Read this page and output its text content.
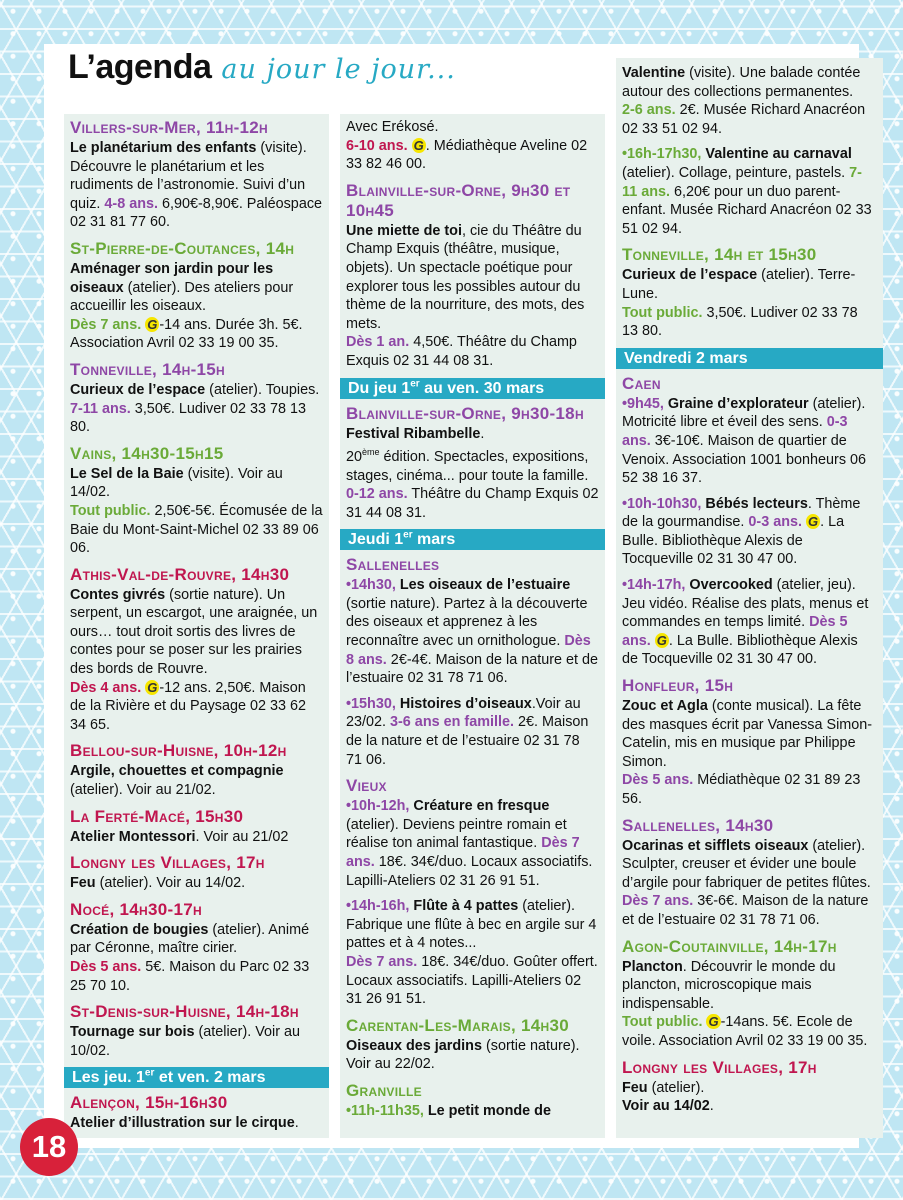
L’agenda au jour le jour...
Villers-sur-Mer, 11h-12h
Le planétarium des enfants (visite). Découvre le planétarium et les rudiments de l’astronomie. Suivi d’un quiz. 4-8 ans. 6,90€-8,90€. Paléospace 02 31 81 77 60.
St-Pierre-de-Coutances, 14h
Aménager son jardin pour les oiseaux (atelier). Des ateliers pour accueillir les oiseaux.
Dès 7 ans. G -14 ans. Durée 3h. 5€. Association Avril 02 33 19 00 35.
Tonneville, 14h-15h
Curieux de l’espace (atelier). Toupies.
7-11 ans. 3,50€. Ludiver 02 33 78 13 80.
Vains, 14h30-15h15
Le Sel de la Baie (visite). Voir au 14/02.
Tout public. 2,50€-5€. Écomusée de la Baie du Mont-Saint-Michel 02 33 89 06 06.
Athis-Val-de-Rouvre, 14h30
Contes givrés (sortie nature). Un serpent, un escargot, une araignée, un ours… tout droit sortis des livres de contes pour se poser sur les prairies des bords de Rouvre.
Dès 4 ans. G -12 ans. 2,50€. Maison de la Rivière et du Paysage 02 33 62 34 65.
Bellou-sur-Huisne, 10h-12h
Argile, chouettes et compagnie (atelier). Voir au 21/02.
La Ferté-Macé, 15h30
Atelier Montessori. Voir au 21/02
Longny les Villages, 17h
Feu (atelier). Voir au 14/02.
Nocé, 14h30-17h
Création de bougies (atelier). Animé par Céronne, maître cirier.
Dès 5 ans. 5€. Maison du Parc 02 33 25 70 10.
St-Denis-sur-Huisne, 14h-18h
Tournage sur bois (atelier). Voir au 10/02.
Les jeu. 1er et ven. 2 mars
Alençon, 15h-16h30
Atelier d’illustration sur le cirque.
Avec Erékosé.
6-10 ans. G . Médiathèque Aveline 02 33 82 46 00.
Blainville-sur-Orne, 9h30 et 10h45
Une miette de toi, cie du Théâtre du Champ Exquis (théâtre, musique, objets). Un spectacle poétique pour explorer tous les possibles autour du thème de la nourriture, des mots, des mets.
Dès 1 an. 4,50€. Théâtre du Champ Exquis 02 31 44 08 31.
Du jeu 1er au ven. 30 mars
Blainville-sur-Orne, 9h30-18h
Festival Ribambelle.
20ème édition. Spectacles, expositions, stages, cinéma... pour toute la famille.
0-12 ans. Théâtre du Champ Exquis 02 31 44 08 31.
Jeudi 1er mars
Sallenelles
•14h30, Les oiseaux de l’estuaire (sortie nature). Partez à la découverte des oiseaux et apprenez à les reconnaître avec un ornithologue. Dès 8 ans. 2€-4€. Maison de la nature et de l’estuaire 02 31 78 71 06.
•15h30, Histoires d’oiseaux.Voir au 23/02. 3-6 ans en famille. 2€. Maison de la nature et de l’estuaire 02 31 78 71 06.
Vieux
•10h-12h, Créature en fresque (atelier). Deviens peintre romain et réalise ton animal fantastique. Dès 7 ans. 18€. 34€/duo. Locaux associatifs. Lapilli-Ateliers 02 31 26 91 51.
•14h-16h, Flûte à 4 pattes (atelier). Fabrique une flûte à bec en argile sur 4 pattes et à 4 notes...
Dès 7 ans. 18€. 34€/duo. Goûter offert. Locaux associatifs. Lapilli-Ateliers 02 31 26 91 51.
Carentan-Les-Marais, 14h30
Oiseaux des jardins (sortie nature). Voir au 22/02.
Granville
•11h-11h35, Le petit monde de
Valentine (visite). Une balade contée autour des collections permanentes.
2-6 ans. 2€. Musée Richard Anacréon 02 33 51 02 94.
•16h-17h30, Valentine au carnaval (atelier). Collage, peinture, pastels. 7-11 ans. 6,20€ pour un duo parent-enfant. Musée Richard Anacréon 02 33 51 02 94.
Tonneville, 14h et 15h30
Curieux de l’espace (atelier). Terre-Lune.
Tout public. 3,50€. Ludiver 02 33 78 13 80.
Vendredi 2 mars
Caen
•9h45, Graine d’explorateur (atelier). Motricité libre et éveil des sens. 0-3 ans. 3€-10€. Maison de quartier de Venoix. Association 1001 bonheurs 06 52 38 16 37.
•10h-10h30, Bébés lecteurs. Thème de la gourmandise. 0-3 ans. G . La Bulle. Bibliothèque Alexis de Tocqueville 02 31 30 47 00.
•14h-17h, Overcooked (atelier, jeu). Jeu vidéo. Réalise des plats, menus et commandes en temps limité. Dès 5 ans. G . La Bulle. Bibliothèque Alexis de Tocqueville 02 31 30 47 00.
Honfleur, 15h
Zouc et Agla (conte musical). La fête des masques écrit par Vanessa Simon-Catelin, mis en musique par Philippe Simon.
Dès 5 ans. Médiathèque 02 31 89 23 56.
Sallenelles, 14h30
Ocarinas et sifflets oiseaux (atelier). Sculpter, creuser et évider une boule d’argile pour fabriquer de petites flûtes.
Dès 7 ans. 3€-6€. Maison de la nature et de l’estuaire 02 31 78 71 06.
Agon-Coutainville, 14h-17h
Plancton. Découvrir le monde du plancton, microscopique mais indispensable.
Tout public. G -14ans. 5€. Ecole de voile. Association Avril 02 33 19 00 35.
Longny les Villages, 17h
Feu (atelier).
Voir au 14/02.
18
